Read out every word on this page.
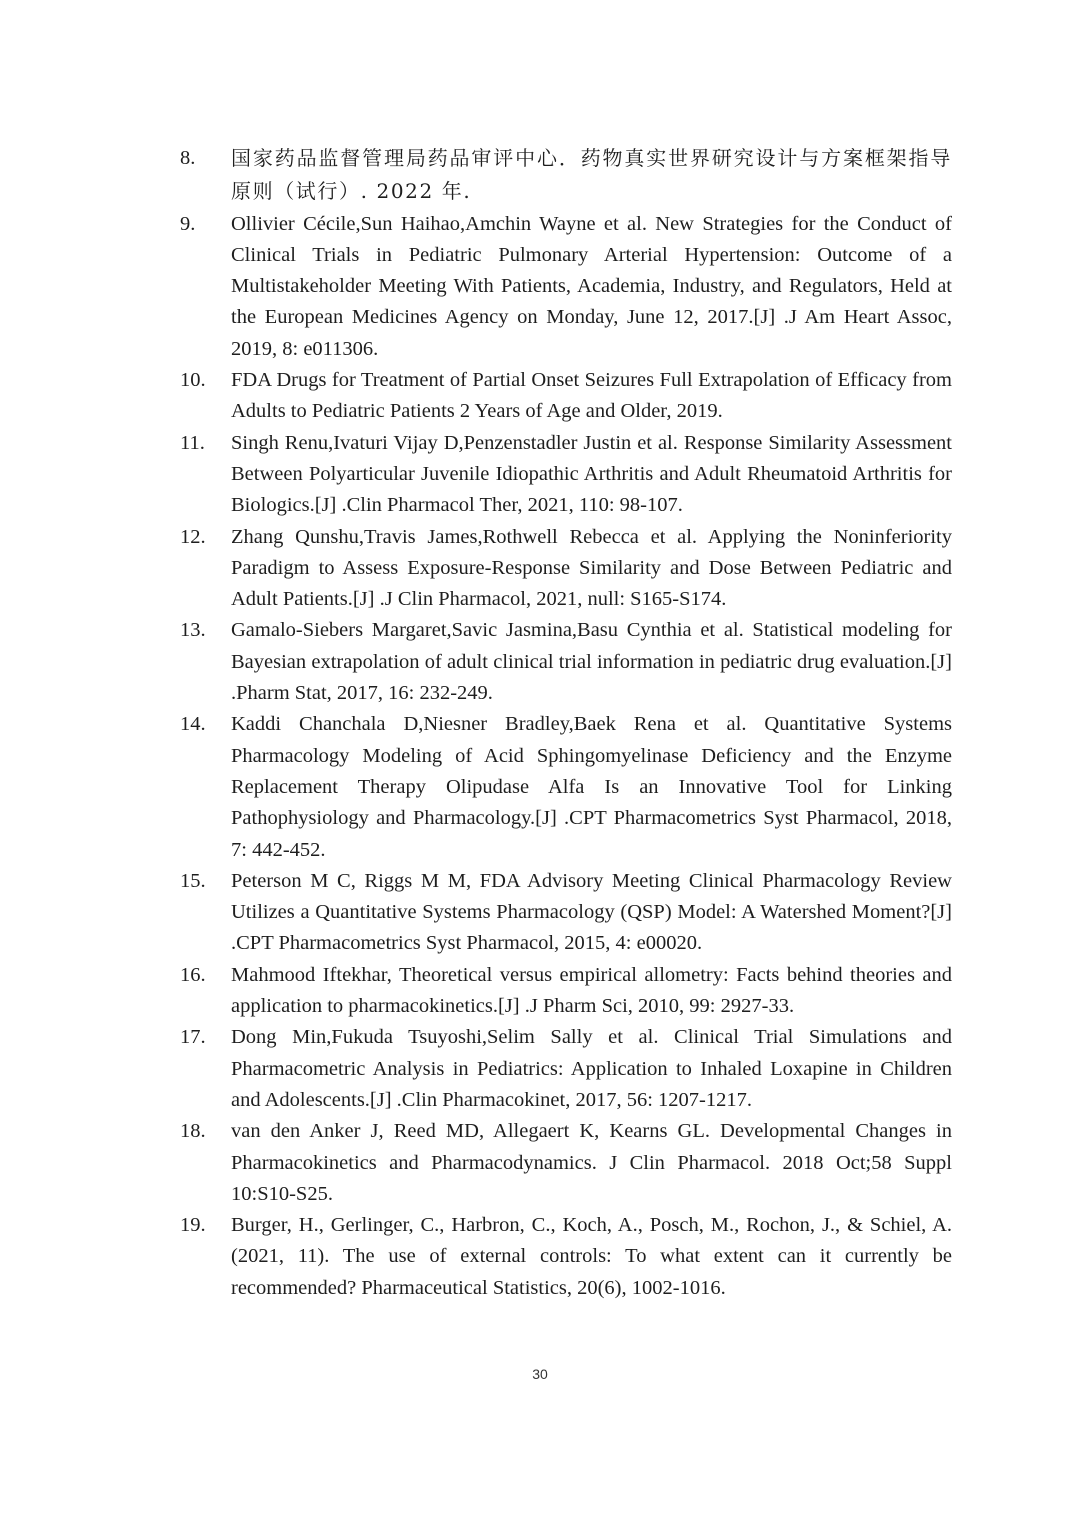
8.	国家药品监督管理局药品审评中心．药物真实世界研究设计与方案框架指导原则（试行）. 2022 年.
9.	Ollivier Cécile,Sun Haihao,Amchin Wayne et al. New Strategies for the Conduct of Clinical Trials in Pediatric Pulmonary Arterial Hypertension: Outcome of a Multistakeholder Meeting With Patients, Academia, Industry, and Regulators, Held at the European Medicines Agency on Monday, June 12, 2017.[J] .J Am Heart Assoc, 2019, 8: e011306.
10.	FDA Drugs for Treatment of Partial Onset Seizures Full Extrapolation of Efficacy from Adults to Pediatric Patients 2 Years of Age and Older, 2019.
11.	Singh Renu,Ivaturi Vijay D,Penzenstadler Justin et al. Response Similarity Assessment Between Polyarticular Juvenile Idiopathic Arthritis and Adult Rheumatoid Arthritis for Biologics.[J] .Clin Pharmacol Ther, 2021, 110: 98-107.
12.	Zhang Qunshu,Travis James,Rothwell Rebecca et al. Applying the Noninferiority Paradigm to Assess Exposure-Response Similarity and Dose Between Pediatric and Adult Patients.[J] .J Clin Pharmacol, 2021, null: S165-S174.
13.	Gamalo-Siebers Margaret,Savic Jasmina,Basu Cynthia et al. Statistical modeling for Bayesian extrapolation of adult clinical trial information in pediatric drug evaluation.[J] .Pharm Stat, 2017, 16: 232-249.
14.	Kaddi Chanchala D,Niesner Bradley,Baek Rena et al. Quantitative Systems Pharmacology Modeling of Acid Sphingomyelinase Deficiency and the Enzyme Replacement Therapy Olipudase Alfa Is an Innovative Tool for Linking Pathophysiology and Pharmacology.[J] .CPT Pharmacometrics Syst Pharmacol, 2018, 7: 442-452.
15.	Peterson M C, Riggs M M, FDA Advisory Meeting Clinical Pharmacology Review Utilizes a Quantitative Systems Pharmacology (QSP) Model: A Watershed Moment?[J] .CPT Pharmacometrics Syst Pharmacol, 2015, 4: e00020.
16.	Mahmood Iftekhar, Theoretical versus empirical allometry: Facts behind theories and application to pharmacokinetics.[J] .J Pharm Sci, 2010, 99: 2927-33.
17.	Dong Min,Fukuda Tsuyoshi,Selim Sally et al. Clinical Trial Simulations and Pharmacometric Analysis in Pediatrics: Application to Inhaled Loxapine in Children and Adolescents.[J] .Clin Pharmacokinet, 2017, 56: 1207-1217.
18.	van den Anker J, Reed MD, Allegaert K, Kearns GL. Developmental Changes in Pharmacokinetics and Pharmacodynamics. J Clin Pharmacol. 2018 Oct;58 Suppl 10:S10-S25.
19.	Burger, H., Gerlinger, C., Harbron, C., Koch, A., Posch, M., Rochon, J., & Schiel, A. (2021, 11). The use of external controls: To what extent can it currently be recommended? Pharmaceutical Statistics, 20(6), 1002-1016.
30
